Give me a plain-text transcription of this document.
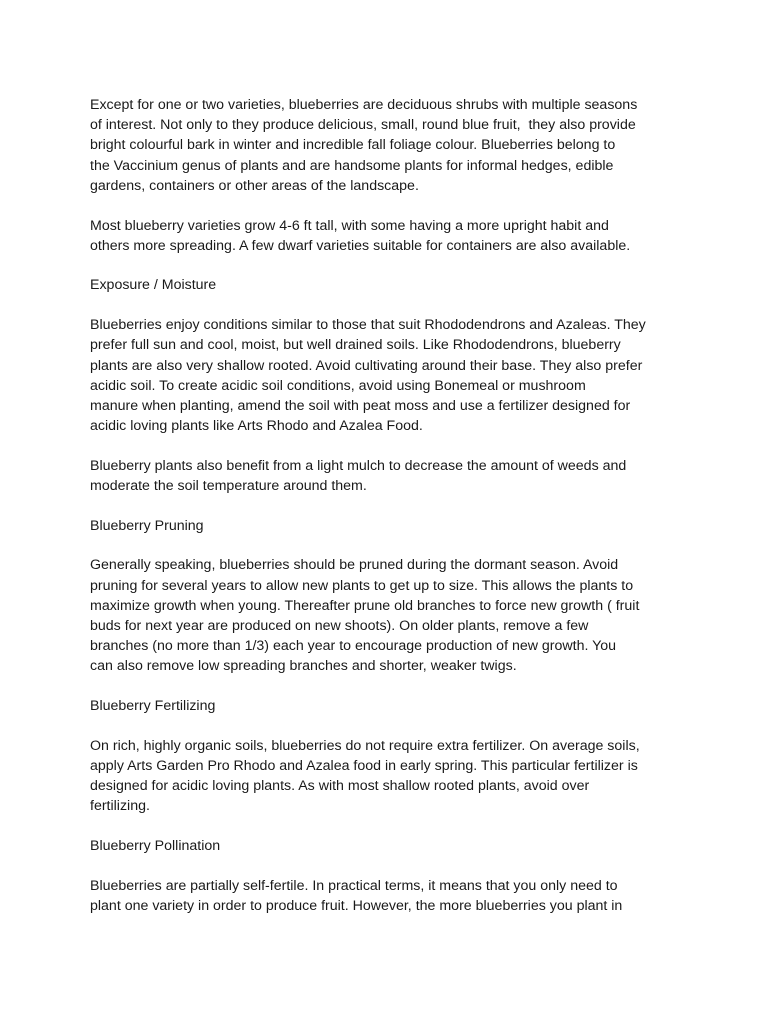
Except for one or two varieties, blueberries are deciduous shrubs with multiple seasons
of interest. Not only to they produce delicious, small, round blue fruit,  they also provide
bright colourful bark in winter and incredible fall foliage colour. Blueberries belong to
the Vaccinium genus of plants and are handsome plants for informal hedges, edible
gardens, containers or other areas of the landscape.
Most blueberry varieties grow 4-6 ft tall, with some having a more upright habit and
others more spreading. A few dwarf varieties suitable for containers are also available.
Exposure / Moisture
Blueberries enjoy conditions similar to those that suit Rhododendrons and Azaleas. They
prefer full sun and cool, moist, but well drained soils. Like Rhododendrons, blueberry
plants are also very shallow rooted. Avoid cultivating around their base. They also prefer
acidic soil. To create acidic soil conditions, avoid using Bonemeal or mushroom
manure when planting, amend the soil with peat moss and use a fertilizer designed for
acidic loving plants like Arts Rhodo and Azalea Food.
Blueberry plants also benefit from a light mulch to decrease the amount of weeds and
moderate the soil temperature around them.
Blueberry Pruning
Generally speaking, blueberries should be pruned during the dormant season. Avoid
pruning for several years to allow new plants to get up to size. This allows the plants to
maximize growth when young. Thereafter prune old branches to force new growth ( fruit
buds for next year are produced on new shoots). On older plants, remove a few
branches (no more than 1/3) each year to encourage production of new growth. You
can also remove low spreading branches and shorter, weaker twigs.
Blueberry Fertilizing
On rich, highly organic soils, blueberries do not require extra fertilizer. On average soils,
apply Arts Garden Pro Rhodo and Azalea food in early spring. This particular fertilizer is
designed for acidic loving plants. As with most shallow rooted plants, avoid over
fertilizing.
Blueberry Pollination
Blueberries are partially self-fertile. In practical terms, it means that you only need to
plant one variety in order to produce fruit. However, the more blueberries you plant in
